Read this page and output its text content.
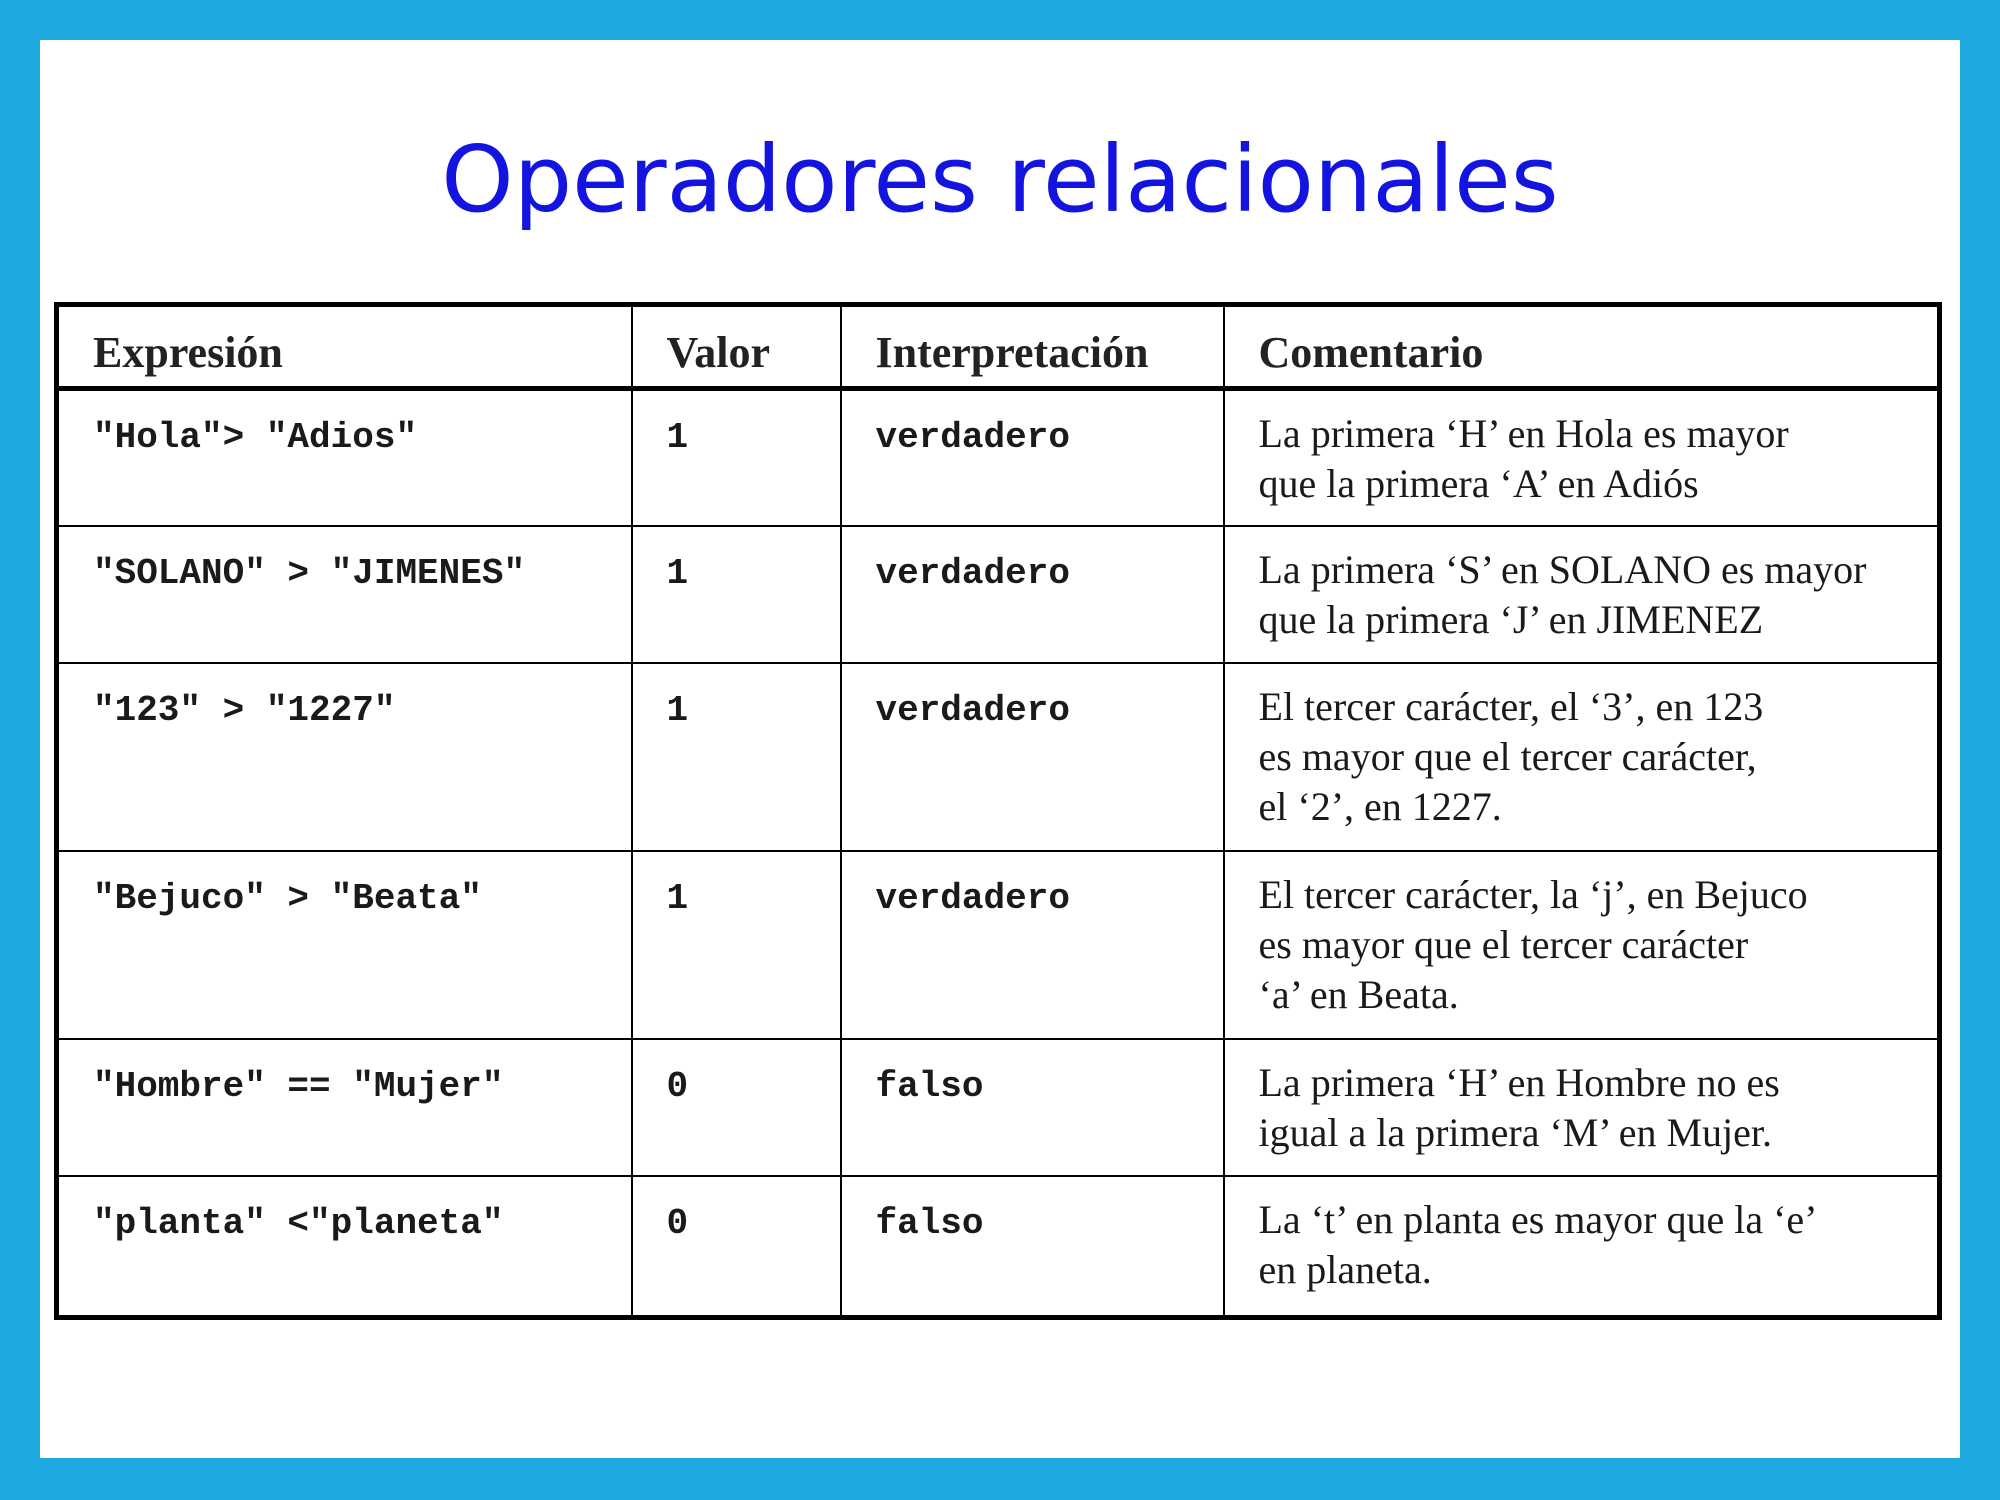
Operadores relacionales
Expresión	Valor	Interpretación	Comentario
"Hola"> "Adios"	1	verdadero	La primera ‘H’ en Hola es mayor
que la primera ‘A’ en Adiós
"SOLANO" > "JIMENES"	1	verdadero	La primera ‘S’ en SOLANO es mayor
que la primera ‘J’ en JIMENEZ
"123" > "1227"	1	verdadero	El tercer carácter, el ‘3’, en 123
es mayor que el tercer carácter,
el ‘2’, en 1227.
"Bejuco" > "Beata"	1	verdadero	El tercer carácter, la ‘j’, en Bejuco
es mayor que el tercer carácter
‘a’ en Beata.
"Hombre" == "Mujer"	0	falso	La primera ‘H’ en Hombre no es
igual a la primera ‘M’ en Mujer.
"planta" <"planeta"	0	falso	La ‘t’ en planta es mayor que la ‘e’
en planeta.
